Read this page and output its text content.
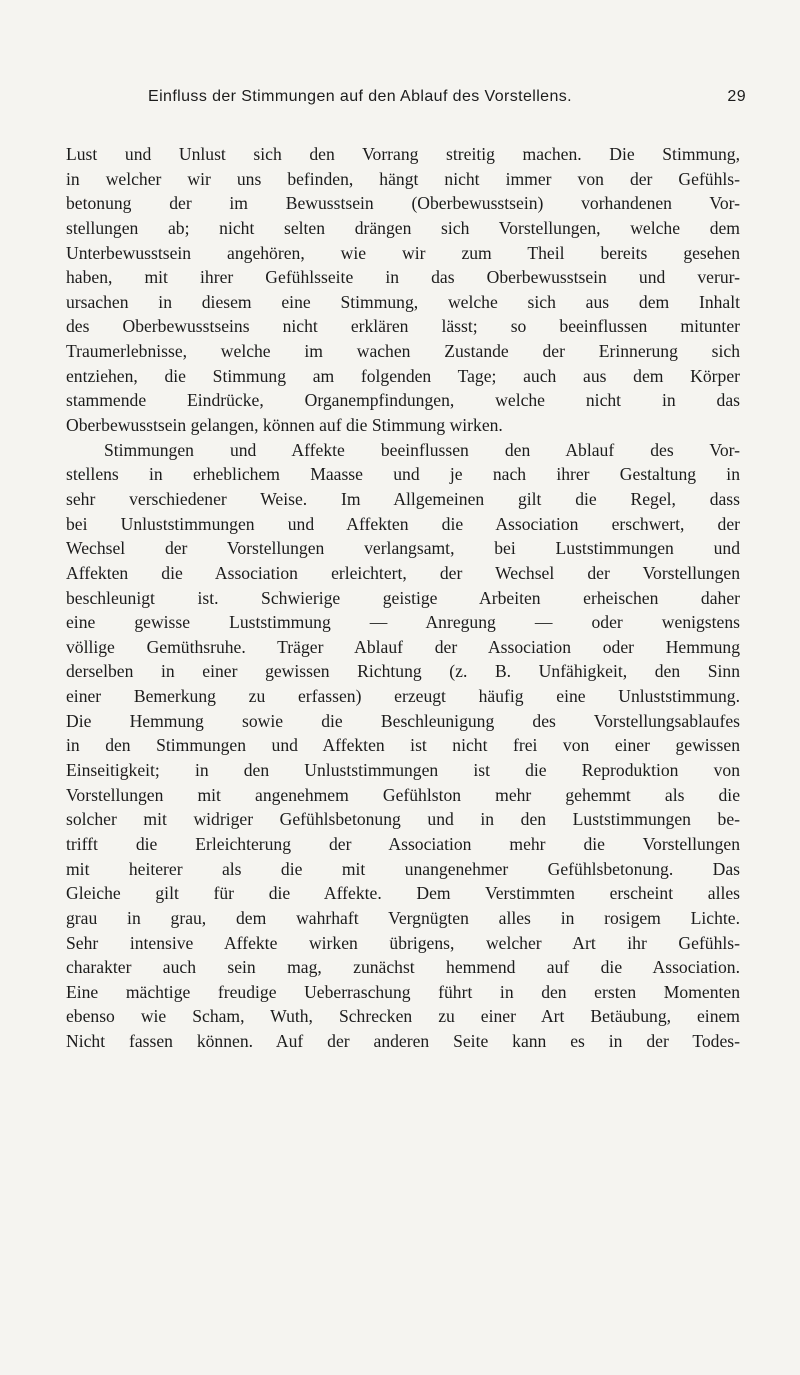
Einfluss der Stimmungen auf den Ablauf des Vorstellens.	29
Lust und Unlust sich den Vorrang streitig machen. Die Stimmung,
in welcher wir uns befinden, hängt nicht immer von der Gefühls-
betonung der im Bewusstsein (Oberbewusstsein) vorhandenen Vor-
stellungen ab; nicht selten drängen sich Vorstellungen, welche dem
Unterbewusstsein angehören, wie wir zum Theil bereits gesehen
haben, mit ihrer Gefühlsseite in das Oberbewusstsein und verur-
ursachen in diesem eine Stimmung, welche sich aus dem Inhalt
des Oberbewusstseins nicht erklären lässt; so beeinflussen mitunter
Traumerlebnisse, welche im wachen Zustande der Erinnerung sich
entziehen, die Stimmung am folgenden Tage; auch aus dem Körper
stammende Eindrücke, Organempfindungen, welche nicht in das
Oberbewusstsein gelangen, können auf die Stimmung wirken.
Stimmungen und Affekte beeinflussen den Ablauf des Vor-
stellens in erheblichem Maasse und je nach ihrer Gestaltung in
sehr verschiedener Weise. Im Allgemeinen gilt die Regel, dass
bei Unluststimmungen und Affekten die Association erschwert, der
Wechsel der Vorstellungen verlangsamt, bei Luststimmungen und
Affekten die Association erleichtert, der Wechsel der Vorstellungen
beschleunigt ist. Schwierige geistige Arbeiten erheischen daher
eine gewisse Luststimmung — Anregung — oder wenigstens
völlige Gemüthsruhe. Träger Ablauf der Association oder Hemmung
derselben in einer gewissen Richtung (z. B. Unfähigkeit, den Sinn
einer Bemerkung zu erfassen) erzeugt häufig eine Unluststimmung.
Die Hemmung sowie die Beschleunigung des Vorstellungsablaufes
in den Stimmungen und Affekten ist nicht frei von einer gewissen
Einseitigkeit; in den Unluststimmungen ist die Reproduktion von
Vorstellungen mit angenehmem Gefühlston mehr gehemmt als die
solcher mit widriger Gefühlsbetonung und in den Luststimmungen be-
trifft die Erleichterung der Association mehr die Vorstellungen
mit heiterer als die mit unangenehmer Gefühlsbetonung. Das
Gleiche gilt für die Affekte. Dem Verstimmten erscheint alles
grau in grau, dem wahrhaft Vergnügten alles in rosigem Lichte.
Sehr intensive Affekte wirken übrigens, welcher Art ihr Gefühls-
charakter auch sein mag, zunächst hemmend auf die Association.
Eine mächtige freudige Ueberraschung führt in den ersten Momenten
ebenso wie Scham, Wuth, Schrecken zu einer Art Betäubung, einem
Nicht fassen können. Auf der anderen Seite kann es in der Todes-
